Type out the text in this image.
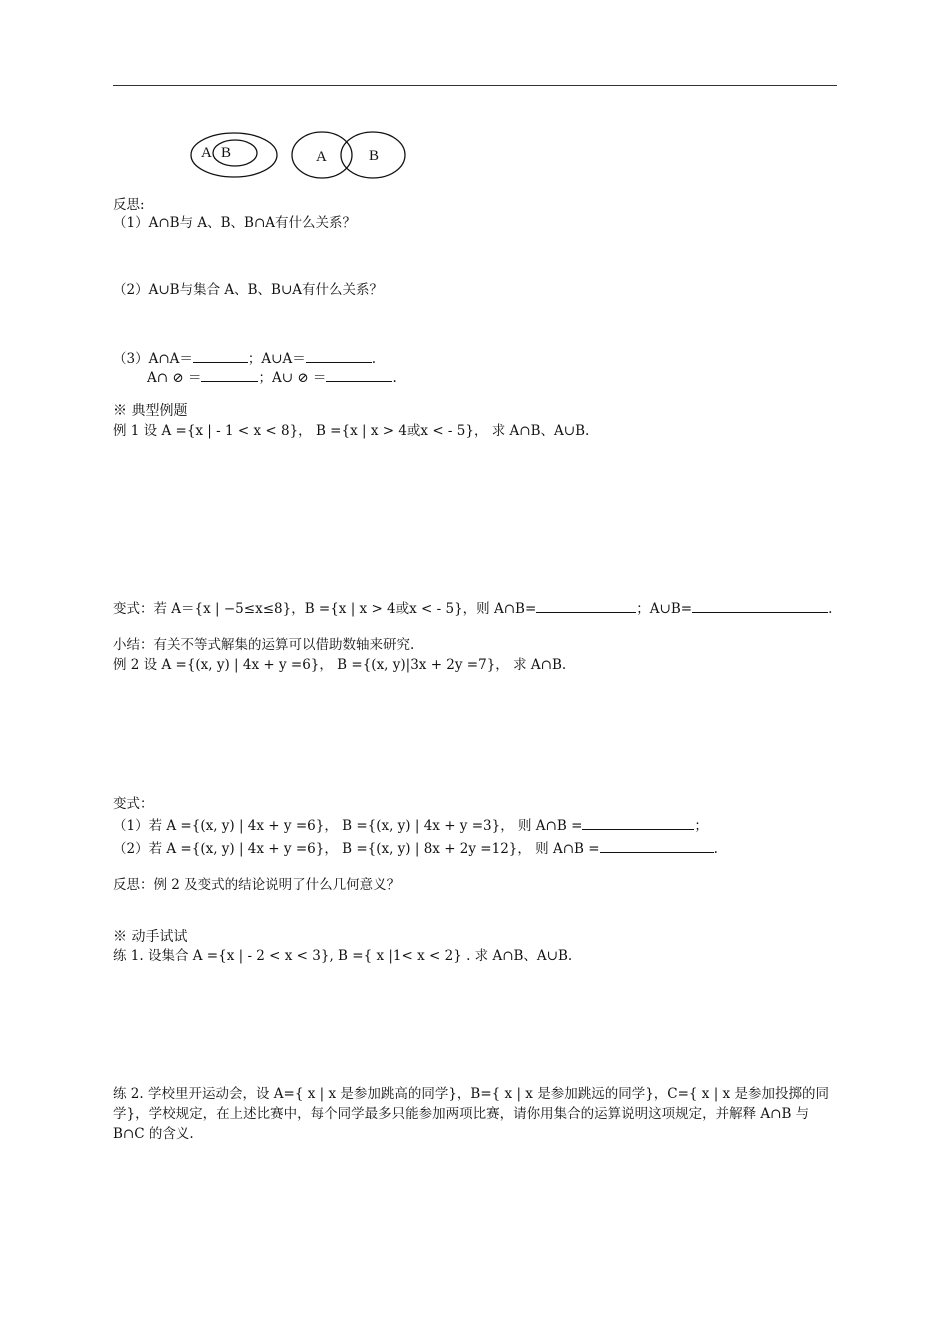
A B	A	B
反思:
（1）A∩B与 A、B、B∩A有什么关系？
（2）A∪B与集合 A、B、B∪A有什么关系？
（3）A∩A＝	；A∪A＝	.
A∩ ⊘ ＝	；A∪ ⊘ ＝	.
※ 典型例题
例 1 设 A ={x | - 1 < x < 8}， B ={x | x > 4或x < - 5}， 求 A∩B、A∪B.
变式：若 A＝{x | −5≤x≤8}，B ={x | x > 4或x < - 5}，则 A∩B=	；A∪B=	.
小结：有关不等式解集的运算可以借助数轴来研究.
例 2 设 A ={(x, y) | 4x + y =6}， B ={(x, y)|3x + 2y =7}， 求 A∩B.
变式：
（1）若 A ={(x, y) | 4x + y =6}， B ={(x, y) | 4x + y =3}， 则 A∩B =	；
（2）若 A ={(x, y) | 4x + y =6}， B ={(x, y) | 8x + 2y =12}， 则 A∩B =	.
反思：例 2 及变式的结论说明了什么几何意义？
※ 动手试试
练 1. 设集合 A ={x | - 2 < x < 3}, B ={ x |1< x < 2} . 求 A∩B、A∪B.
练 2. 学校里开运动会，设 A={ x | x 是参加跳高的同学}，B={ x | x 是参加跳远的同学}，C={ x | x 是参加投掷的同学}，学校规定，在上述比赛中，每个同学最多只能参加两项比赛，请你用集合的运算说明这项规定，并解释 A∩B 与 B∩C 的含义.
